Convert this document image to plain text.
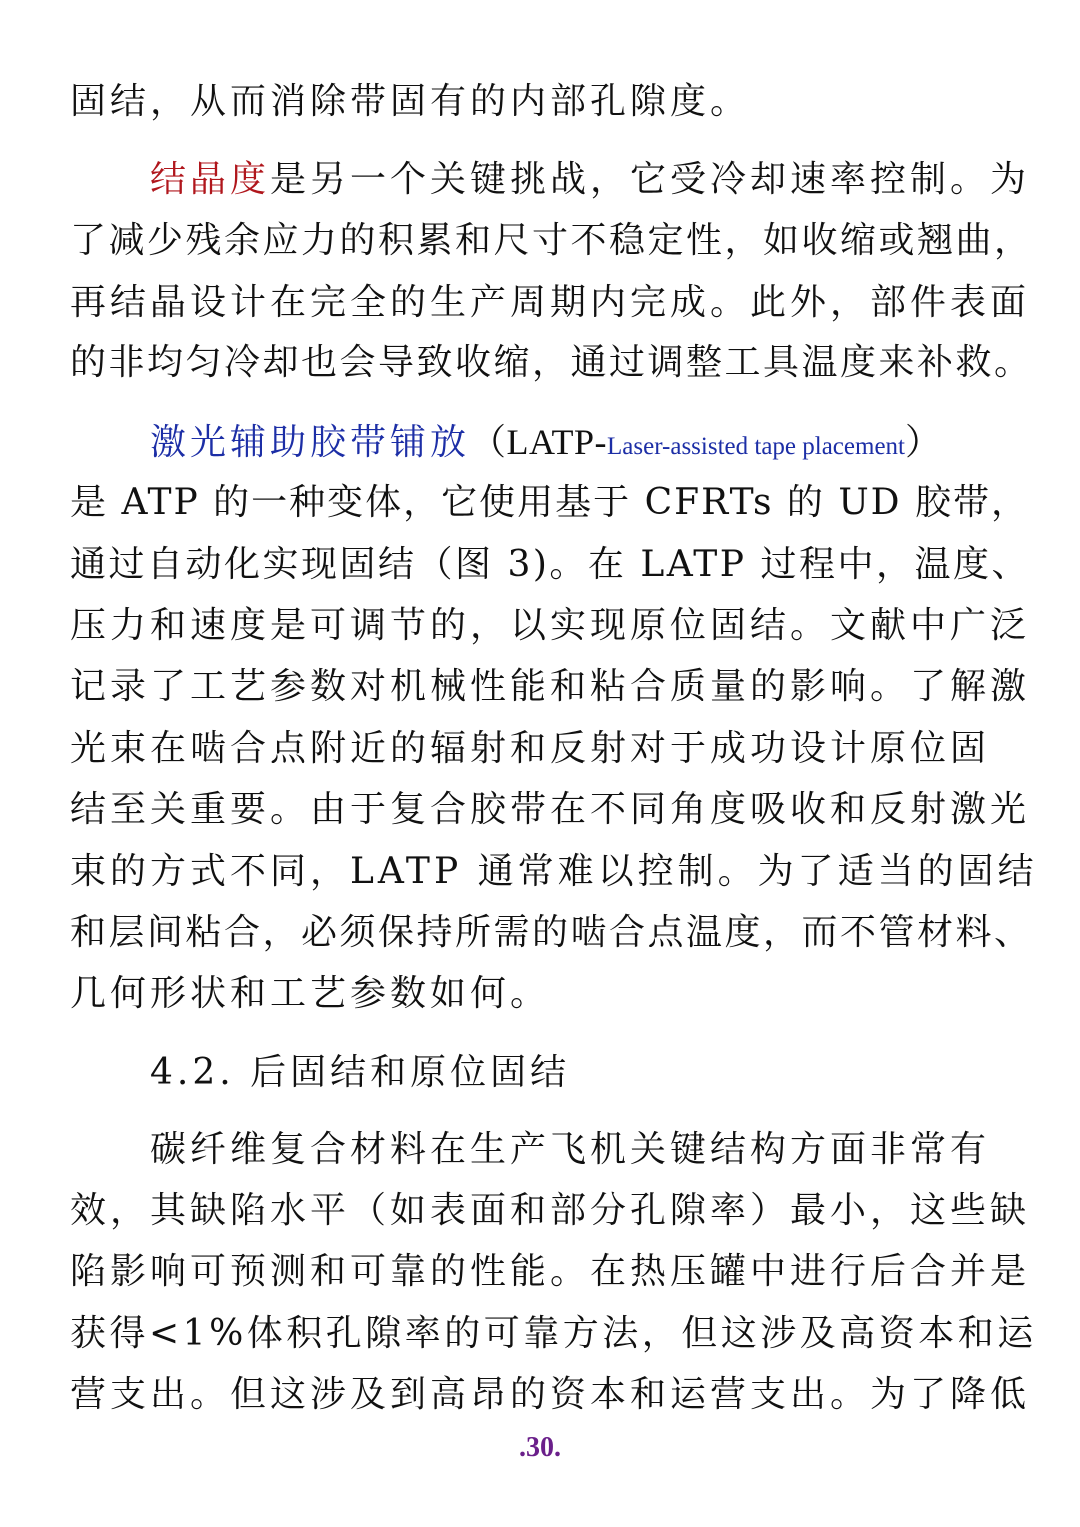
固结，从而消除带固有的内部孔隙度。
结晶度是另一个关键挑战，它受冷却速率控制。为
了减少残余应力的积累和尺寸不稳定性，如收缩或翘曲，
再结晶设计在完全的生产周期内完成。此外，部件表面
的非均匀冷却也会导致收缩，通过调整工具温度来补救。
激光辅助胶带铺放（LATP-Laser-assisted tape placement）
是 ATP 的一种变体，它使用基于 CFRTs 的 UD 胶带，
通过自动化实现固结（图 3)。在 LATP 过程中，温度、
压力和速度是可调节的，以实现原位固结。文献中广泛
记录了工艺参数对机械性能和粘合质量的影响。了解激
光束在啮合点附近的辐射和反射对于成功设计原位固
结至关重要。由于复合胶带在不同角度吸收和反射激光
束的方式不同，LATP 通常难以控制。为了适当的固结
和层间粘合，必须保持所需的啮合点温度，而不管材料、
几何形状和工艺参数如何。
4.2. 后固结和原位固结
碳纤维复合材料在生产飞机关键结构方面非常有
效，其缺陷水平（如表面和部分孔隙率）最小，这些缺
陷影响可预测和可靠的性能。在热压罐中进行后合并是
获得<1%体积孔隙率的可靠方法，但这涉及高资本和运
营支出。但这涉及到高昂的资本和运营支出。为了降低
.30.
